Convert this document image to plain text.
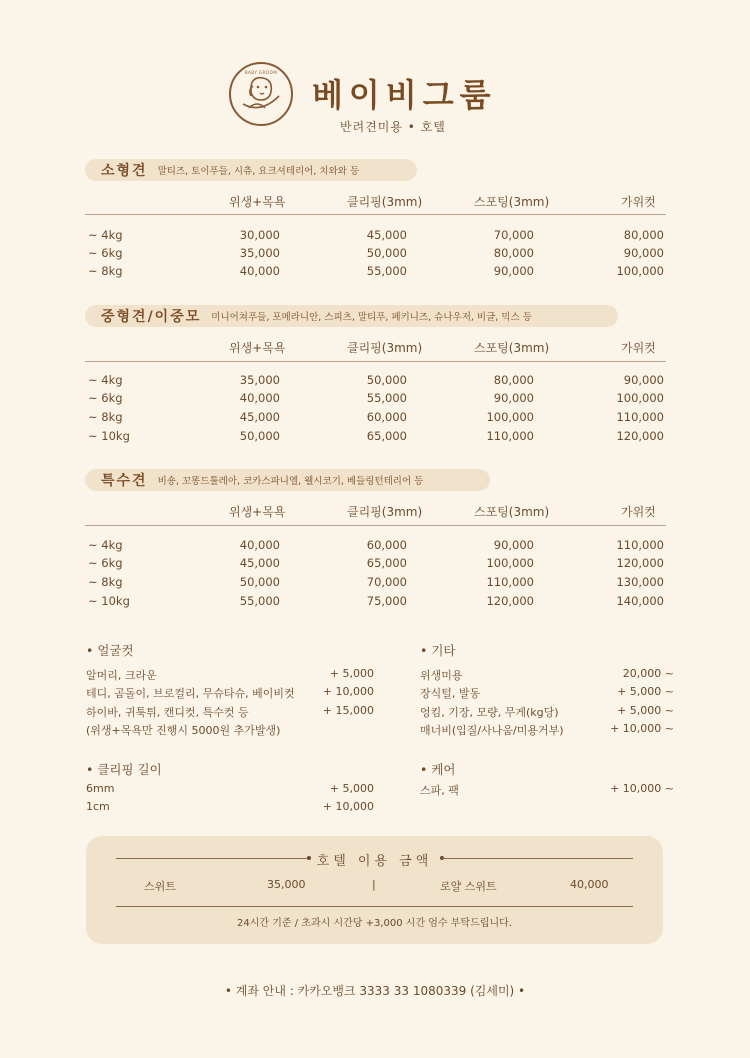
BABY GROOM
베이비그룸
반려견미용 • 호텔
소형견 말티즈, 토이푸들, 시츄, 요크셔테리어, 치와와 등
위생+목욕	클리핑(3mm)	스포팅(3mm)	가위컷
~ 4kg	30,000	45,000	70,000	80,000
~ 6kg	35,000	50,000	80,000	90,000
~ 8kg	40,000	55,000	90,000	100,000
중형견/이중모 미니어쳐푸들, 포메라니안, 스피츠, 말티푸, 페키니즈, 슈나우저, 비글, 믹스 등
위생+목욕	클리핑(3mm)	스포팅(3mm)	가위컷
~ 4kg	35,000	50,000	80,000	90,000
~ 6kg	40,000	55,000	90,000	100,000
~ 8kg	45,000	60,000	100,000	110,000
~ 10kg	50,000	65,000	110,000	120,000
특수견 비숑, 꼬똥드툴레아, 코카스파니엘, 웰시코기, 베들링턴테리어 등
위생+목욕	클리핑(3mm)	스포팅(3mm)	가위컷
~ 4kg	40,000	60,000	90,000	110,000
~ 6kg	45,000	65,000	100,000	120,000
~ 8kg	50,000	70,000	110,000	130,000
~ 10kg	55,000	75,000	120,000	140,000
• 얼굴컷
알머리, 크라운	+ 5,000
테디, 곰돌이, 브로컬리, 무슈타슈, 베이비컷	+ 10,000
하이바, 귀툭튀, 캔디컷, 특수컷 등	+ 15,000
(위생+목욕만 진행시 5000원 추가발생)
• 기타
위생미용	20,000 ~
장식털, 발동	+ 5,000 ~
엉킴, 기장, 모량, 무게(kg당)	+ 5,000 ~
매너비(입질/사나움/미용거부)	+ 10,000 ~
• 클리핑 길이
6mm	+ 5,000
1cm	+ 10,000
• 케어
스파, 팩	+ 10,000 ~
호텔 이용 금액
스위트	35,000	|	로얄 스위트	40,000
24시간 기준 / 초과시 시간당 +3,000 시간 엄수 부탁드립니다.
• 계좌 안내 : 카카오뱅크 3333 33 1080339 (김세미) •
